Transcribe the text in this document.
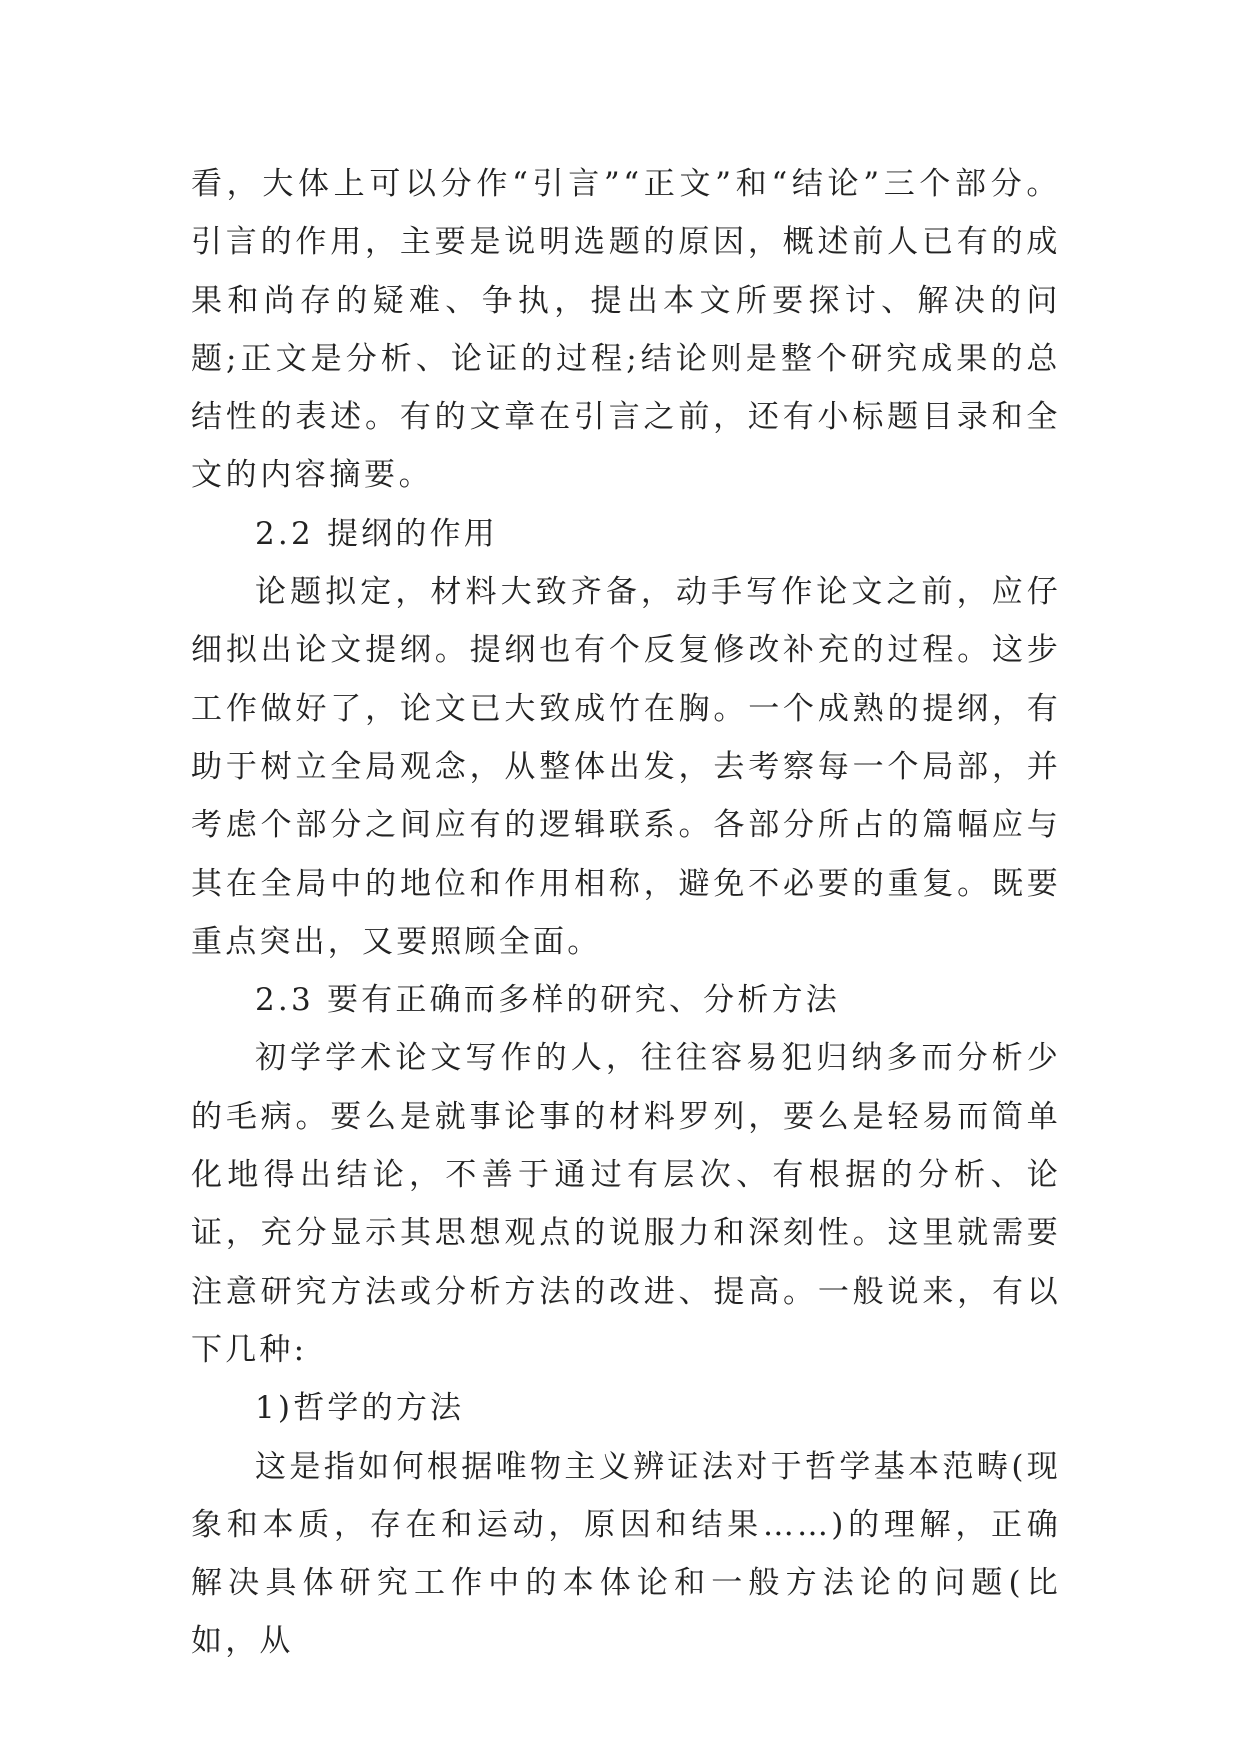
看，大体上可以分作“引言”“正文”和“结论”三个部分。引言的作用，主要是说明选题的原因，概述前人已有的成果和尚存的疑难、争执，提出本文所要探讨、解决的问题;正文是分析、论证的过程;结论则是整个研究成果的总结性的表述。有的文章在引言之前，还有小标题目录和全文的内容摘要。

2.2 提纲的作用

论题拟定，材料大致齐备，动手写作论文之前，应仔细拟出论文提纲。提纲也有个反复修改补充的过程。这步工作做好了，论文已大致成竹在胸。一个成熟的提纲，有助于树立全局观念，从整体出发，去考察每一个局部，并考虑个部分之间应有的逻辑联系。各部分所占的篇幅应与其在全局中的地位和作用相称，避免不必要的重复。既要重点突出，又要照顾全面。

2.3 要有正确而多样的研究、分析方法

初学学术论文写作的人，往往容易犯归纳多而分析少的毛病。要么是就事论事的材料罗列，要么是轻易而简单化地得出结论，不善于通过有层次、有根据的分析、论证，充分显示其思想观点的说服力和深刻性。这里就需要注意研究方法或分析方法的改进、提高。一般说来，有以下几种:

1)哲学的方法

这是指如何根据唯物主义辨证法对于哲学基本范畴(现象和本质，存在和运动，原因和结果……)的理解，正确解决具体研究工作中的本体论和一般方法论的问题(比如，从
